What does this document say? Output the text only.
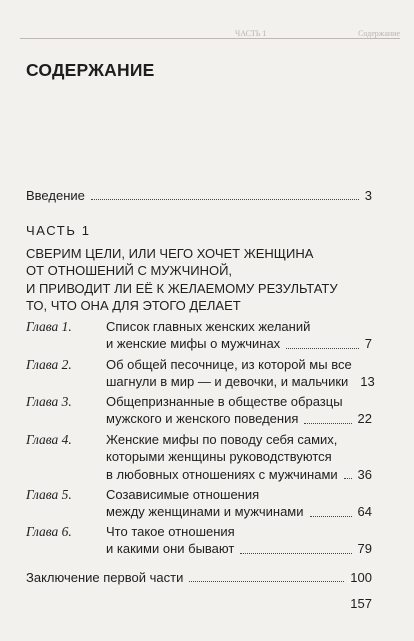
ЧАСТЬ 1	Содержание
СОДЕРЖАНИЕ
Введение	3
ЧАСТЬ 1
СВЕРИМ ЦЕЛИ, ИЛИ ЧЕГО ХОЧЕТ ЖЕНЩИНА
ОТ ОТНОШЕНИЙ С МУЖЧИНОЙ,
И ПРИВОДИТ ЛИ ЕЁ К ЖЕЛАЕМОМУ РЕЗУЛЬТАТУ
ТО, ЧТО ОНА ДЛЯ ЭТОГО ДЕЛАЕТ
Глава 1.	Список главных женских желаний
и женские мифы о мужчинах	7
Глава 2.	Об общей песочнице, из которой мы все
шагнули в мир — и девочки, и мальчики 13
Глава 3.	Общепризнанные в обществе образцы
мужского и женского поведения	22
Глава 4.	Женские мифы по поводу себя самих,
которыми женщины руководствуются
в любовных отношениях с мужчинами 36
Глава 5.	Созависимые отношения
между женщинами и мужчинами	64
Глава 6.	Что такое отношения
и какими они бывают	79
Заключение первой части	100
157
